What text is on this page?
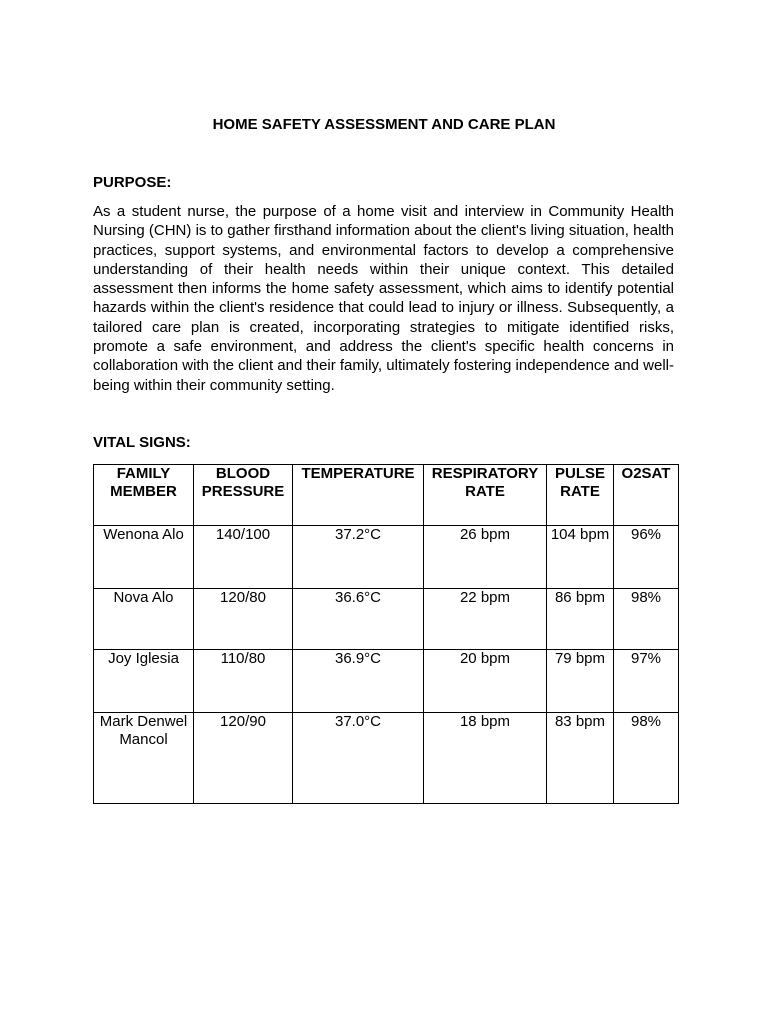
HOME SAFETY ASSESSMENT AND CARE PLAN
PURPOSE:

As a student nurse, the purpose of a home visit and interview in Community Health Nursing (CHN) is to gather firsthand information about the client's living situation, health practices, support systems, and environmental factors to develop a comprehensive understanding of their health needs within their unique context. This detailed assessment then informs the home safety assessment, which aims to identify potential hazards within the client's residence that could lead to injury or illness. Subsequently, a tailored care plan is created, incorporating strategies to mitigate identified risks, promote a safe environment, and address the client's specific health concerns in collaboration with the client and their family, ultimately fostering independence and well-being within their community setting.

VITAL SIGNS:
FAMILY MEMBER	BLOOD PRESSURE	TEMPERATURE	RESPIRATORY RATE	PULSE RATE	O2SAT
Wenona Alo	140/100	37.2°C	26 bpm	104 bpm	96%
Nova Alo	120/80	36.6°C	22 bpm	86 bpm	98%
Joy Iglesia	110/80	36.9°C	20 bpm	79 bpm	97%
Mark Denwel Mancol	120/90	37.0°C	18 bpm	83 bpm	98%
